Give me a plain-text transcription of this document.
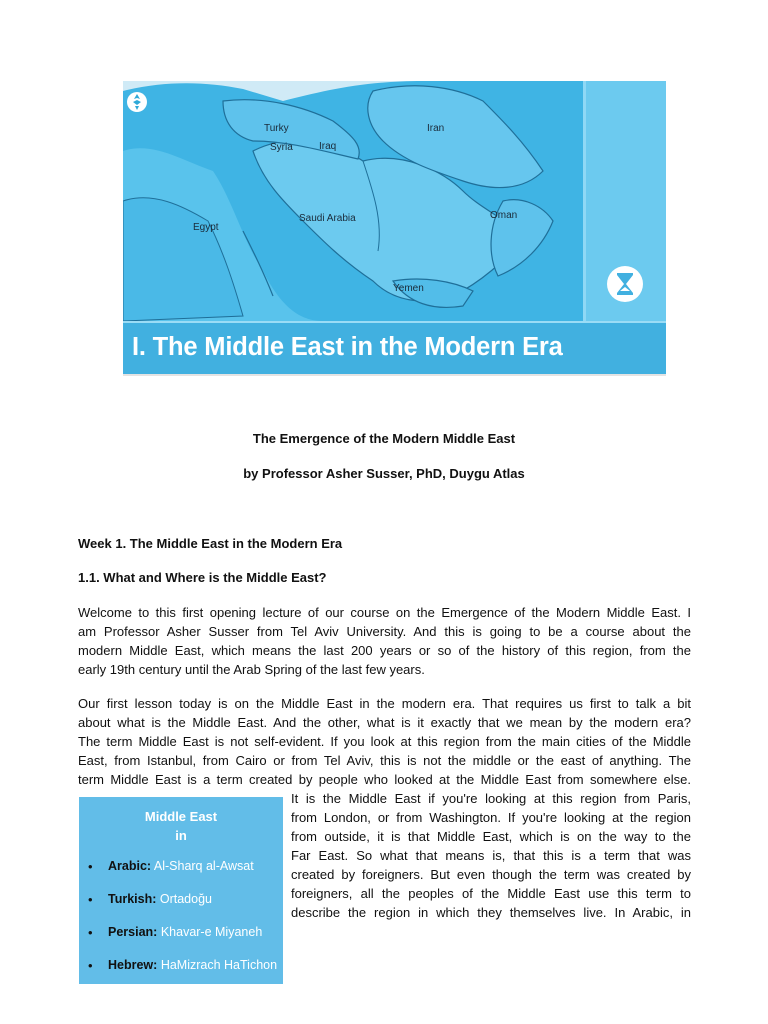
Turky
Syria	Iraq
Iran
Egypt
Saudi Arabia	Oman
Yemen
I. The Middle East in the Modern Era
The Emergence of the Modern Middle East
by Professor Asher Susser, PhD, Duygu Atlas
Week 1. The Middle East in the Modern Era
1.1. What and Where is the Middle East?
Welcome to this first opening lecture of our course on the Emergence of the Modern Middle East. I
am Professor Asher Susser from Tel Aviv University. And this is going to be a course about the
modern Middle East, which means the last 200 years or so of the history of this region, from the
early 19th century until the Arab Spring of the last few years.
Our first lesson today is on the Middle East in the modern era. That requires us first to talk a bit
about what is the Middle East. And the other, what is it exactly that we mean by the modern era?
The term Middle East is not self-evident. If you look at this region from the main cities of the Middle
East, from Istanbul, from Cairo or from Tel Aviv, this is not the middle or the east of anything. The
term Middle East is a term created by people who looked at the Middle East from somewhere else.
Middle East
in
• Arabic: Al-Sharq al-Awsat
• Turkish: Ortadoğu
• Persian: Khavar-e Miyaneh
• Hebrew: HaMizrach HaTichon
It is the Middle East if you're looking at this region from Paris,
from London, or from Washington. If you're looking at the region
from outside, it is that Middle East, which is on the way to the
Far East. So what that means is, that this is a term that was
created by foreigners. But even though the term was created by
foreigners, all the peoples of the Middle East use this term to
describe the region in which they themselves live. In Arabic, in
